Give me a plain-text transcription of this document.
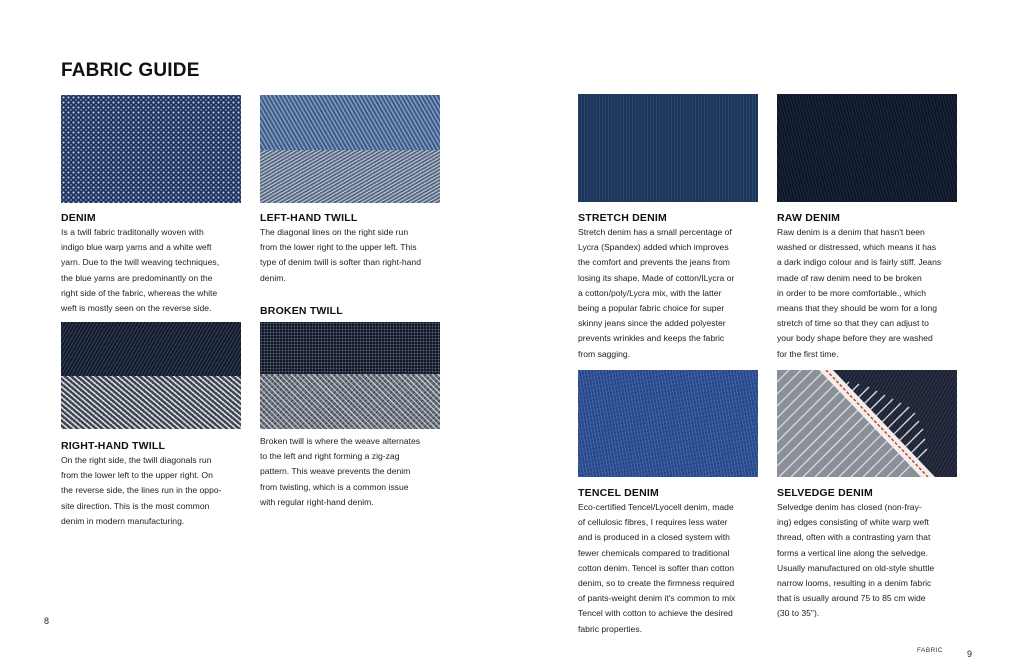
FABRIC GUIDE
DENIM
Is a twill fabric traditonally woven with
indigo blue warp yarns and a white weft
yarn. Due to the twill weaving techniques,
the blue yarns are predominantly on the
right side of the fabric, whereas the white
weft is mostly seen on the reverse side.
LEFT-HAND TWILL
The diagonal lines on the right side run
from the lower right to the upper left. This
type of denim twill is softer than right-hand
denim.
BROKEN TWILL
Broken twill is where the weave alternates
to the left and right forming a zig-zag
pattern. This weave prevents the denim
from twisting, which is a common issue
with regular right-hand denim.
RIGHT-HAND TWILL
On the right side, the twill diagonals run
from the lower left to the upper right. On
the reverse side, the lines run in the oppo-
site direction. This is the most common
denim in modern manufacturing.
8
STRETCH DENIM
Stretch denim has a small percentage of
Lycra (Spandex) added which improves
the comfort and prevents the jeans from
losing its shape. Made of cotton/ILycra or
a cotton/poly/Lycra mix, with the latter
being a popular fabric choice for super
skinny jeans since the added polyester
prevents wrinkles and keeps the fabric
from sagging.
RAW DENIM
Raw denim is a denim that hasn't been
washed or distressed, which means it has
a dark indigo colour and is fairly stiff. Jeans
made of raw denim need to be broken
in order to be more comfortable., which
means that they should be worn for a long
stretch of time so that they can adjust to
your body shape before they are washed
for the first time.
TENCEL DENIM
Eco-certified Tencel/Lyocell denim, made
of cellulosic fibres, I requires less water
and is produced in a closed system with
fewer chemicals compared to traditional
cotton denim. Tencel is softer than cotton
denim, so to create the firmness required
of pants-weight denim it's common to mix
Tencel with cotton to achieve the desired
fabric properties.
SELVEDGE DENIM
Selvedge denim has closed (non-fray-
ing) edges consisting of white warp weft
thread, often with a contrasting yarn that
forms a vertical line along the selvedge.
Usually manufactured on old-style shuttle
narrow looms, resulting in a denim fabric
that is usually around 75 to 85 cm wide
(30 to 35").
FABRIC	9
